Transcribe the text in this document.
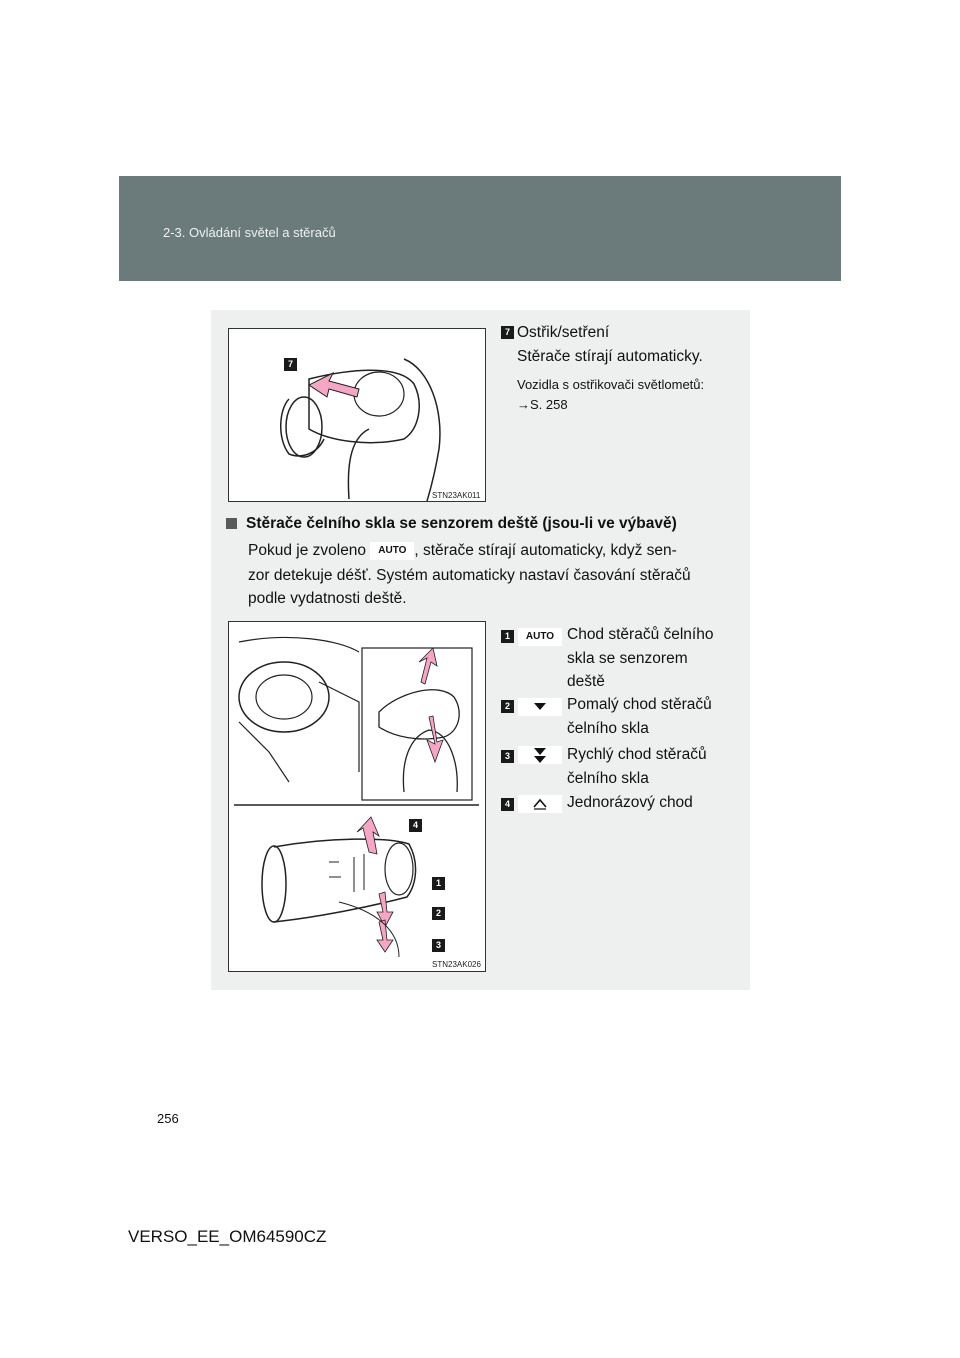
2-3. Ovládání světel a stěračů
7
STN23AK011
7 Ostřik/setření
Stěrače stírají automaticky.
Vozidla s ostřikovači světlometů:
→S. 258
Stěrače čelního skla se senzorem deště (jsou-li ve výbavě)
Pokud je zvoleno AUTO , stěrače stírají automaticky, když sen-
zor detekuje déšť. Systém automaticky nastaví časování stěračů
podle vydatnosti deště.
4
1
2
3
STN23AK026
1	AUTO Chod stěračů čelního
skla se senzorem
deště
2	Pomalý chod stěračů
čelního skla
3	Rychlý chod stěračů
čelního skla
4	Jednorázový chod
256
VERSO_EE_OM64590CZ
